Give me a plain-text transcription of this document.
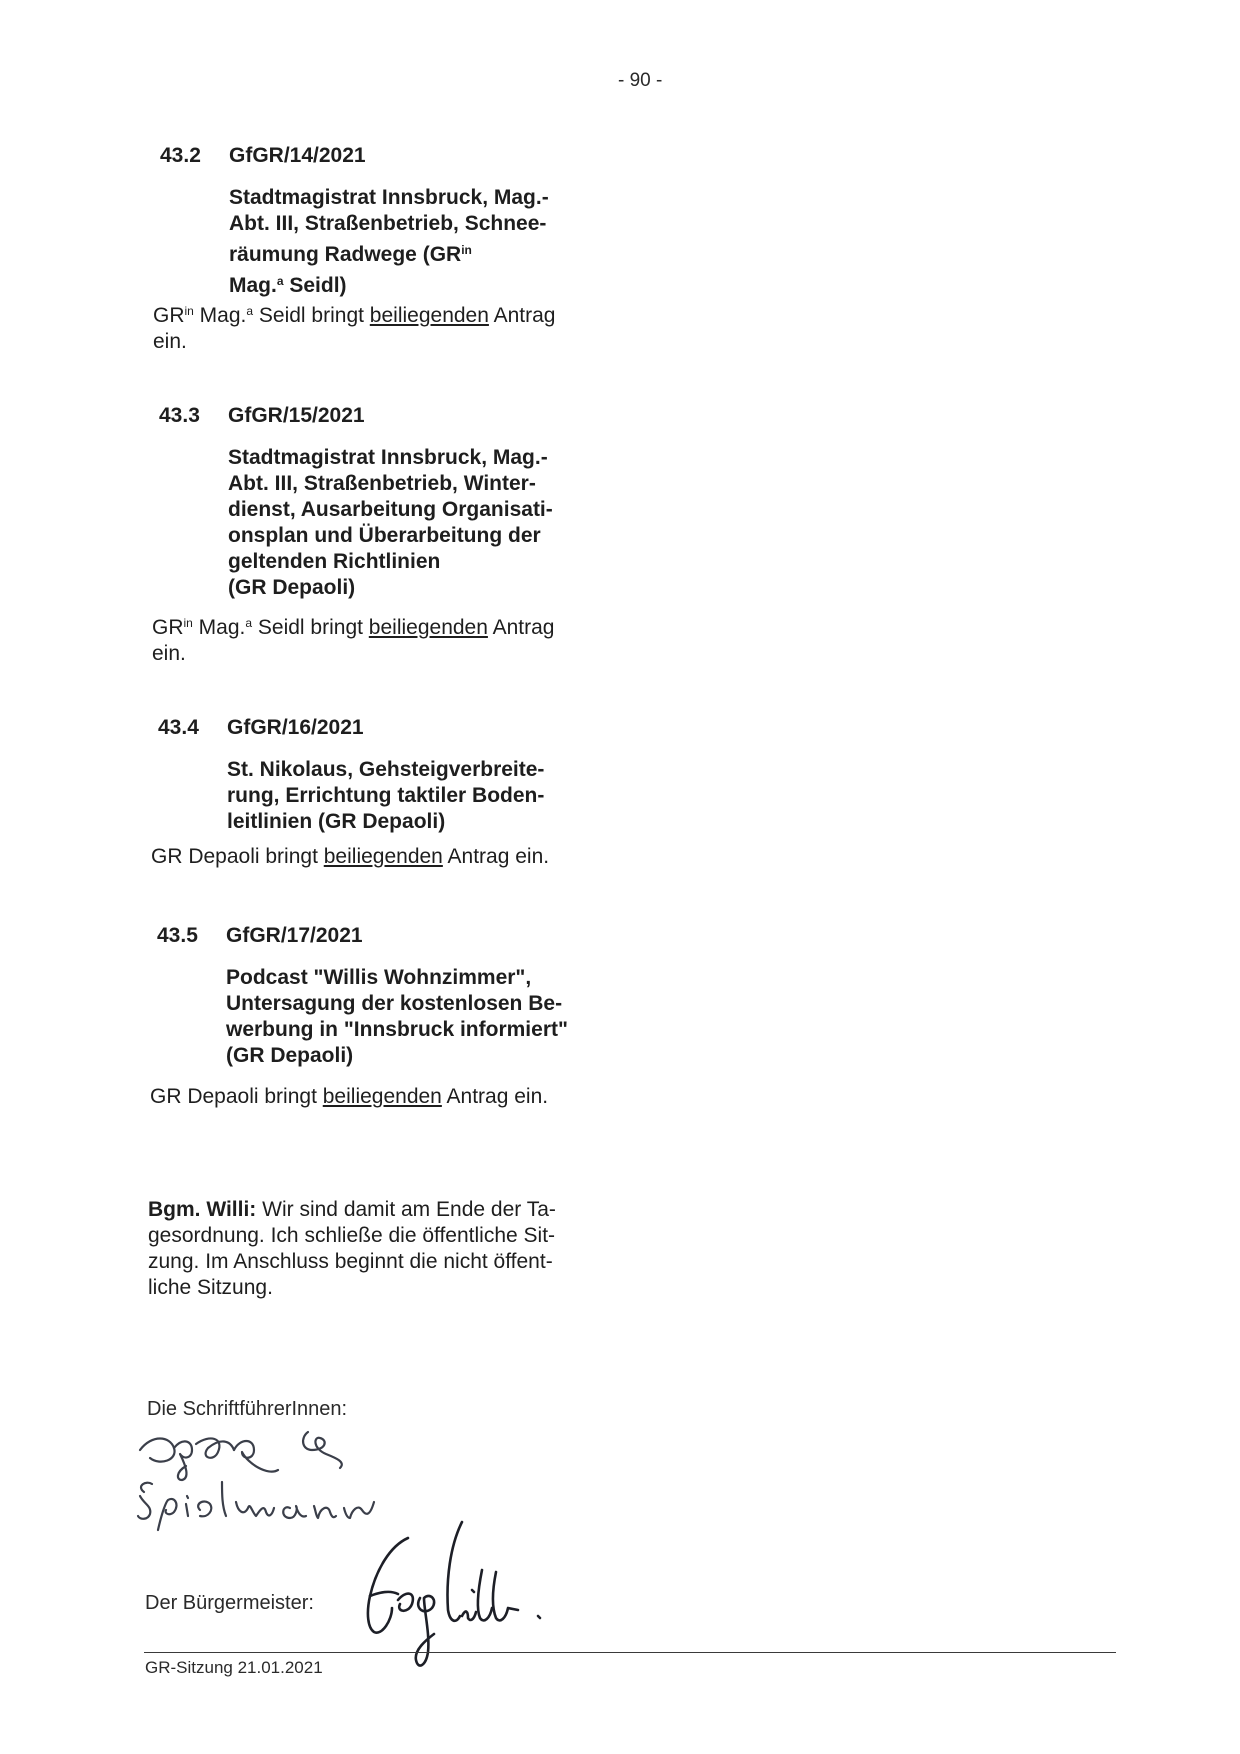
- 90 -
43.2 GfGR/14/2021
Stadtmagistrat Innsbruck, Mag.-
Abt. III, Straßenbetrieb, Schnee-
räumung Radwege ($GR^{in}$
Mag.$^a$ Seidl)
$GR^{in}$ Mag.$^a$ Seidl bringt beiliegenden Antrag
ein.
43.3 GfGR/15/2021
Stadtmagistrat Innsbruck, Mag.-
Abt. III, Straßenbetrieb, Winter-
dienst, Ausarbeitung Organisati-
onsplan und Überarbeitung der
geltenden Richtlinien
(GR Depaoli)
$GR^{in}$ Mag.$^a$ Seidl bringt beiliegenden Antrag
ein.
43.4 GfGR/16/2021
St. Nikolaus, Gehsteigverbreite-
rung, Errichtung taktiler Boden-
leitlinien (GR Depaoli)
GR Depaoli bringt beiliegenden Antrag ein.
43.5 GfGR/17/2021
Podcast "Willis Wohnzimmer",
Untersagung der kostenlosen Be-
werbung in "Innsbruck informiert"
(GR Depaoli)
GR Depaoli bringt beiliegenden Antrag ein.
Bgm. Willi: Wir sind damit am Ende der Ta-
gesordnung. Ich schließe die öffentliche Sit-
zung. Im Anschluss beginnt die nicht öffent-
liche Sitzung.
Die SchriftführerInnen:
Der Bürgermeister:
GR-Sitzung 21.01.2021
